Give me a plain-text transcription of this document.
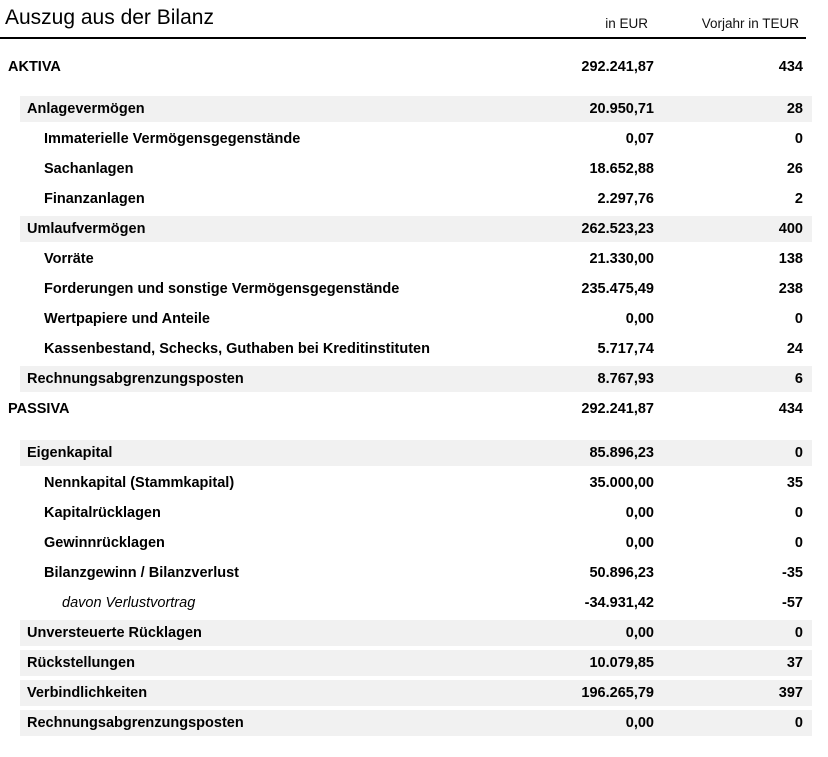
Auszug aus der Bilanz	in EUR	Vorjahr in TEUR
AKTIVA	292.241,87	434
Anlagevermögen	20.950,71	28
Immaterielle Vermögensgegenstände	0,07	0
Sachanlagen	18.652,88	26
Finanzanlagen	2.297,76	2
Umlaufvermögen	262.523,23	400
Vorräte	21.330,00	138
Forderungen und sonstige Vermögensgegenstände	235.475,49	238
Wertpapiere und Anteile	0,00	0
Kassenbestand, Schecks, Guthaben bei Kreditinstituten	5.717,74	24
Rechnungsabgrenzungsposten	8.767,93	6
PASSIVA	292.241,87	434
Eigenkapital	85.896,23	0
Nennkapital (Stammkapital)	35.000,00	35
Kapitalrücklagen	0,00	0
Gewinnrücklagen	0,00	0
Bilanzgewinn / Bilanzverlust	50.896,23	-35
davon Verlustvortrag	-34.931,42	-57
Unversteuerte Rücklagen	0,00	0
Rückstellungen	10.079,85	37
Verbindlichkeiten	196.265,79	397
Rechnungsabgrenzungsposten	0,00	0
